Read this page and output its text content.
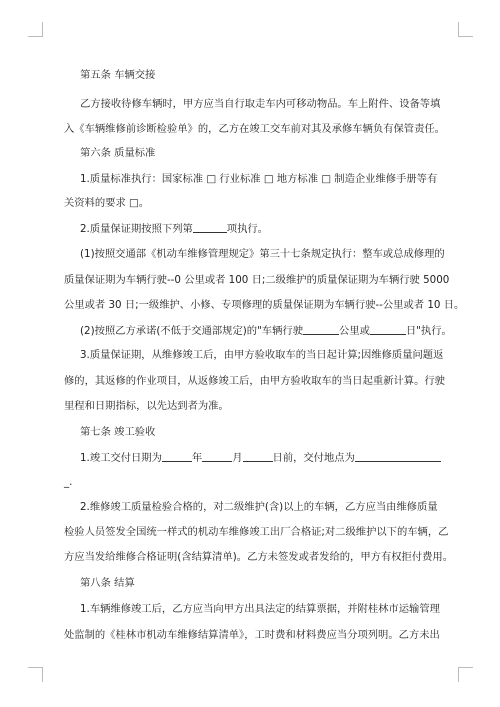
第五条 车辆交接
乙方接收待修车辆时，甲方应当自行取走车内可移动物品。车上附件、设备等填
入《车辆维修前诊断检验单》的，乙方在竣工交车前对其及承修车辆负有保管责任。
第六条 质量标准
1.质量标准执行：国家标准 □ 行业标准 □ 地方标准 □ 制造企业维修手册等有
关资料的要求 □。
2.质量保证期按照下列第	项执行。
(1)按照交通部《机动车维修管理规定》第三十七条规定执行：整车或总成修理的
质量保证期为车辆行驶--0 公里或者 100 日;二级维护的质量保证期为车辆行驶 5000
公里或者 30 日;一级维护、小修、专项修理的质量保证期为车辆行驶--公里或者 10 日。
(2)按照乙方承诺(不低于交通部规定)的"车辆行驶	公里或	日"执行。
3.质量保证期，从维修竣工后，由甲方验收取车的当日起计算;因维修质量问题返
修的，其返修的作业项目，从返修竣工后，由甲方验收取车的当日起重新计算。行驶
里程和日期指标，以先达到者为准。
第七条 竣工验收
1.竣工交付日期为	年	月	日前，交付地点为
_.
2.维修竣工质量检验合格的，对二级维护(含)以上的车辆，乙方应当由维修质量
检验人员签发全国统一样式的机动车维修竣工出厂合格证;对二级维护以下的车辆，乙
方应当发给维修合格证明(含结算清单)。乙方未签发或者发给的，甲方有权拒付费用。
第八条 结算
1.车辆维修竣工后，乙方应当向甲方出具法定的结算票据，并附桂林市运输管理
处监制的《桂林市机动车维修结算清单》，工时费和材料费应当分项列明。乙方未出
